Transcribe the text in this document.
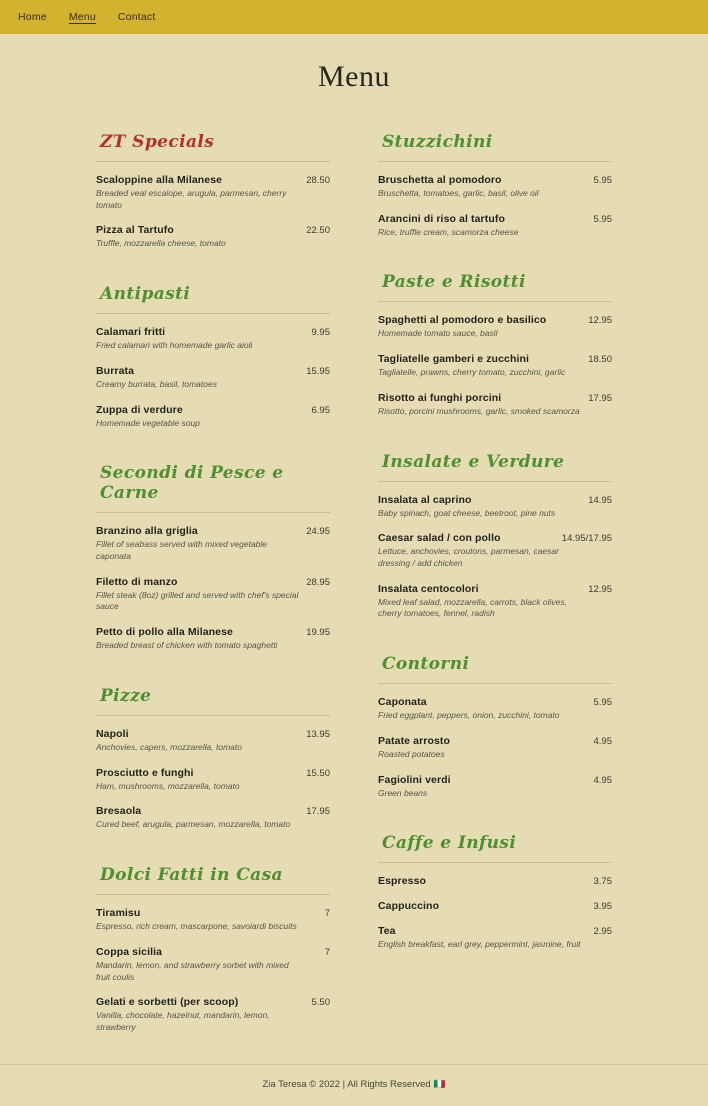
Home Menu Contact
Menu
ZT Specials
Scaloppine alla Milanese	28.50
Breaded veal escalope, arugula, parmesan, cherry tomato
Pizza al Tartufo	22.50
Truffle, mozzarella cheese, tomato
Antipasti
Calamari fritti	9.95
Fried calamari with homemade garlic aioli
Burrata	15.95
Creamy burrata, basil, tomatoes
Zuppa di verdure	6.95
Homemade vegetable soup
Secondi di Pesce e Carne
Branzino alla griglia	24.95
Fillet of seabass served with mixed vegetable caponata
Filetto di manzo	28.95
Fillet steak (8oz) grilled and served with chef's special sauce
Petto di pollo alla Milanese	19.95
Breaded breast of chicken with tomato spaghetti
Pizze
Napoli	13.95
Anchovies, capers, mozzarella, tomato
Prosciutto e funghi	15.50
Ham, mushrooms, mozzarella, tomato
Bresaola	17.95
Cured beef, arugula, parmesan, mozzarella, tomato
Dolci Fatti in Casa
Tiramisu	7
Espresso, rich cream, mascarpone, savoiardi biscuits
Coppa sicilia	7
Mandarin, lemon, and strawberry sorbet with mixed fruit coulis
Gelati e sorbetti (per scoop)	5.50
Vanilla, chocolate, hazelnut, mandarin, lemon, strawberry
Stuzzichini
Bruschetta al pomodoro	5.95
Bruschetta, tomatoes, garlic, basil, olive oil
Arancini di riso al tartufo	5.95
Rice, truffle cream, scamorza cheese
Paste e Risotti
Spaghetti al pomodoro e basilico	12.95
Homemade tomato sauce, basil
Tagliatelle gamberi e zucchini	18.50
Tagliatelle, prawns, cherry tomato, zucchini, garlic
Risotto ai funghi porcini	17.95
Risotto, porcini mushrooms, garlic, smoked scamorza
Insalate e Verdure
Insalata al caprino	14.95
Baby spinach, goat cheese, beetroot, pine nuts
Caesar salad / con pollo	14.95/17.95
Lettuce, anchovies, croutons, parmesan, caesar dressing / add chicken
Insalata centocolori	12.95
Mixed leaf salad, mozzarella, carrots, black olives, cherry tomatoes, fennel, radish
Contorni
Caponata	5.95
Fried eggplant, peppers, onion, zucchini, tomato
Patate arrosto	4.95
Roasted potatoes
Fagiolini verdi	4.95
Green beans
Caffe e Infusi
Espresso	3.75
Cappuccino	3.95
Tea	2.95
English breakfast, earl grey, peppermint, jasmine, fruit
Zia Teresa © 2022 | All Rights Reserved 🇮🇹
